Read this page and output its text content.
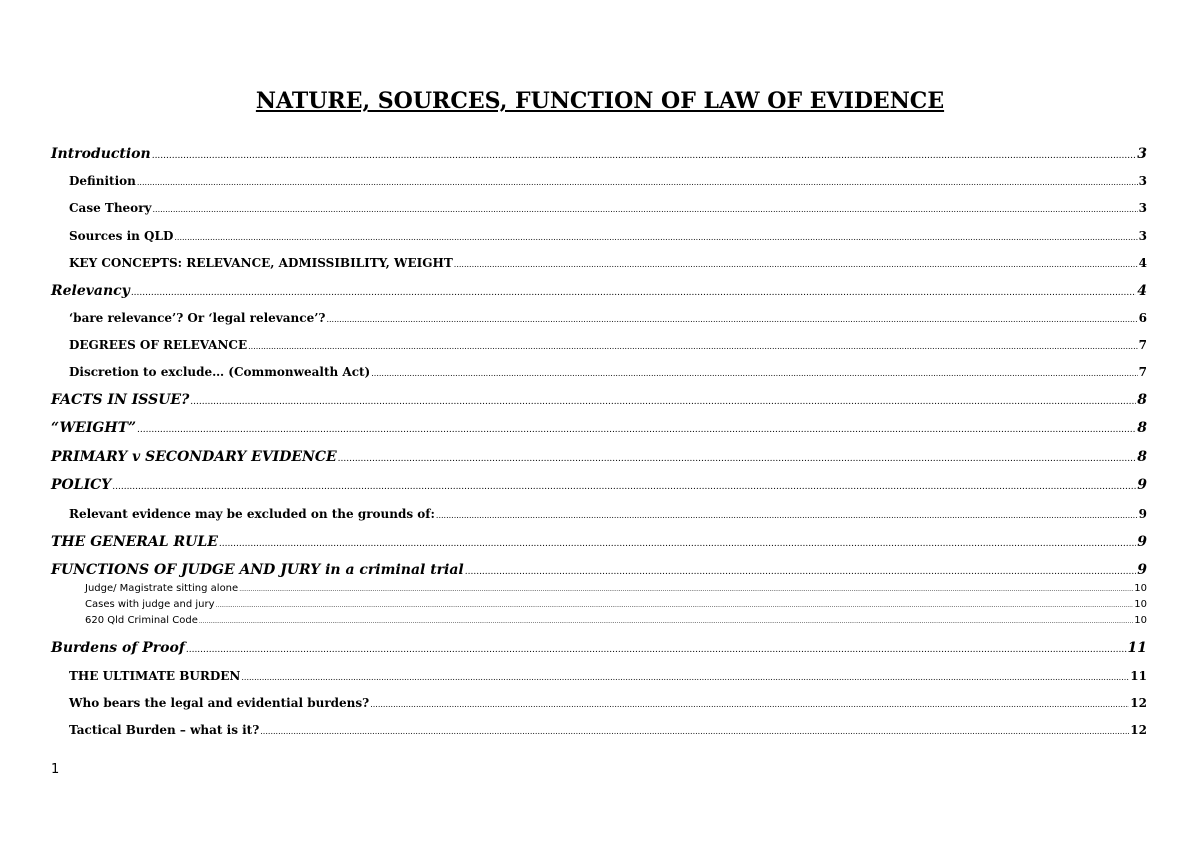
NATURE, SOURCES, FUNCTION OF LAW OF EVIDENCE
Introduction .....	3
Definition .....	3
Case Theory .....	3
Sources in QLD .....	3
KEY CONCEPTS: RELEVANCE, ADMISSIBILITY, WEIGHT .....	4
Relevancy .....	4
‘bare relevance’? Or ‘legal relevance’? .....	6
DEGREES OF RELEVANCE .....	7
Discretion to exclude… (Commonwealth Act) .....	7
FACTS IN ISSUE? .....	8
“WEIGHT” .....	8
PRIMARY v SECONDARY EVIDENCE .....	8
POLICY .....	9
Relevant evidence may be excluded on the grounds of: .....	9
THE GENERAL RULE .....	9
FUNCTIONS OF JUDGE AND JURY in a criminal trial .....	9
Judge/ Magistrate sitting alone .....	10
Cases with judge and jury .....	10
620 Qld Criminal Code .....	10
Burdens of Proof .....	11
THE ULTIMATE BURDEN .....	11
Who bears the legal and evidential burdens? .....	12
Tactical Burden – what is it? .....	12
1
